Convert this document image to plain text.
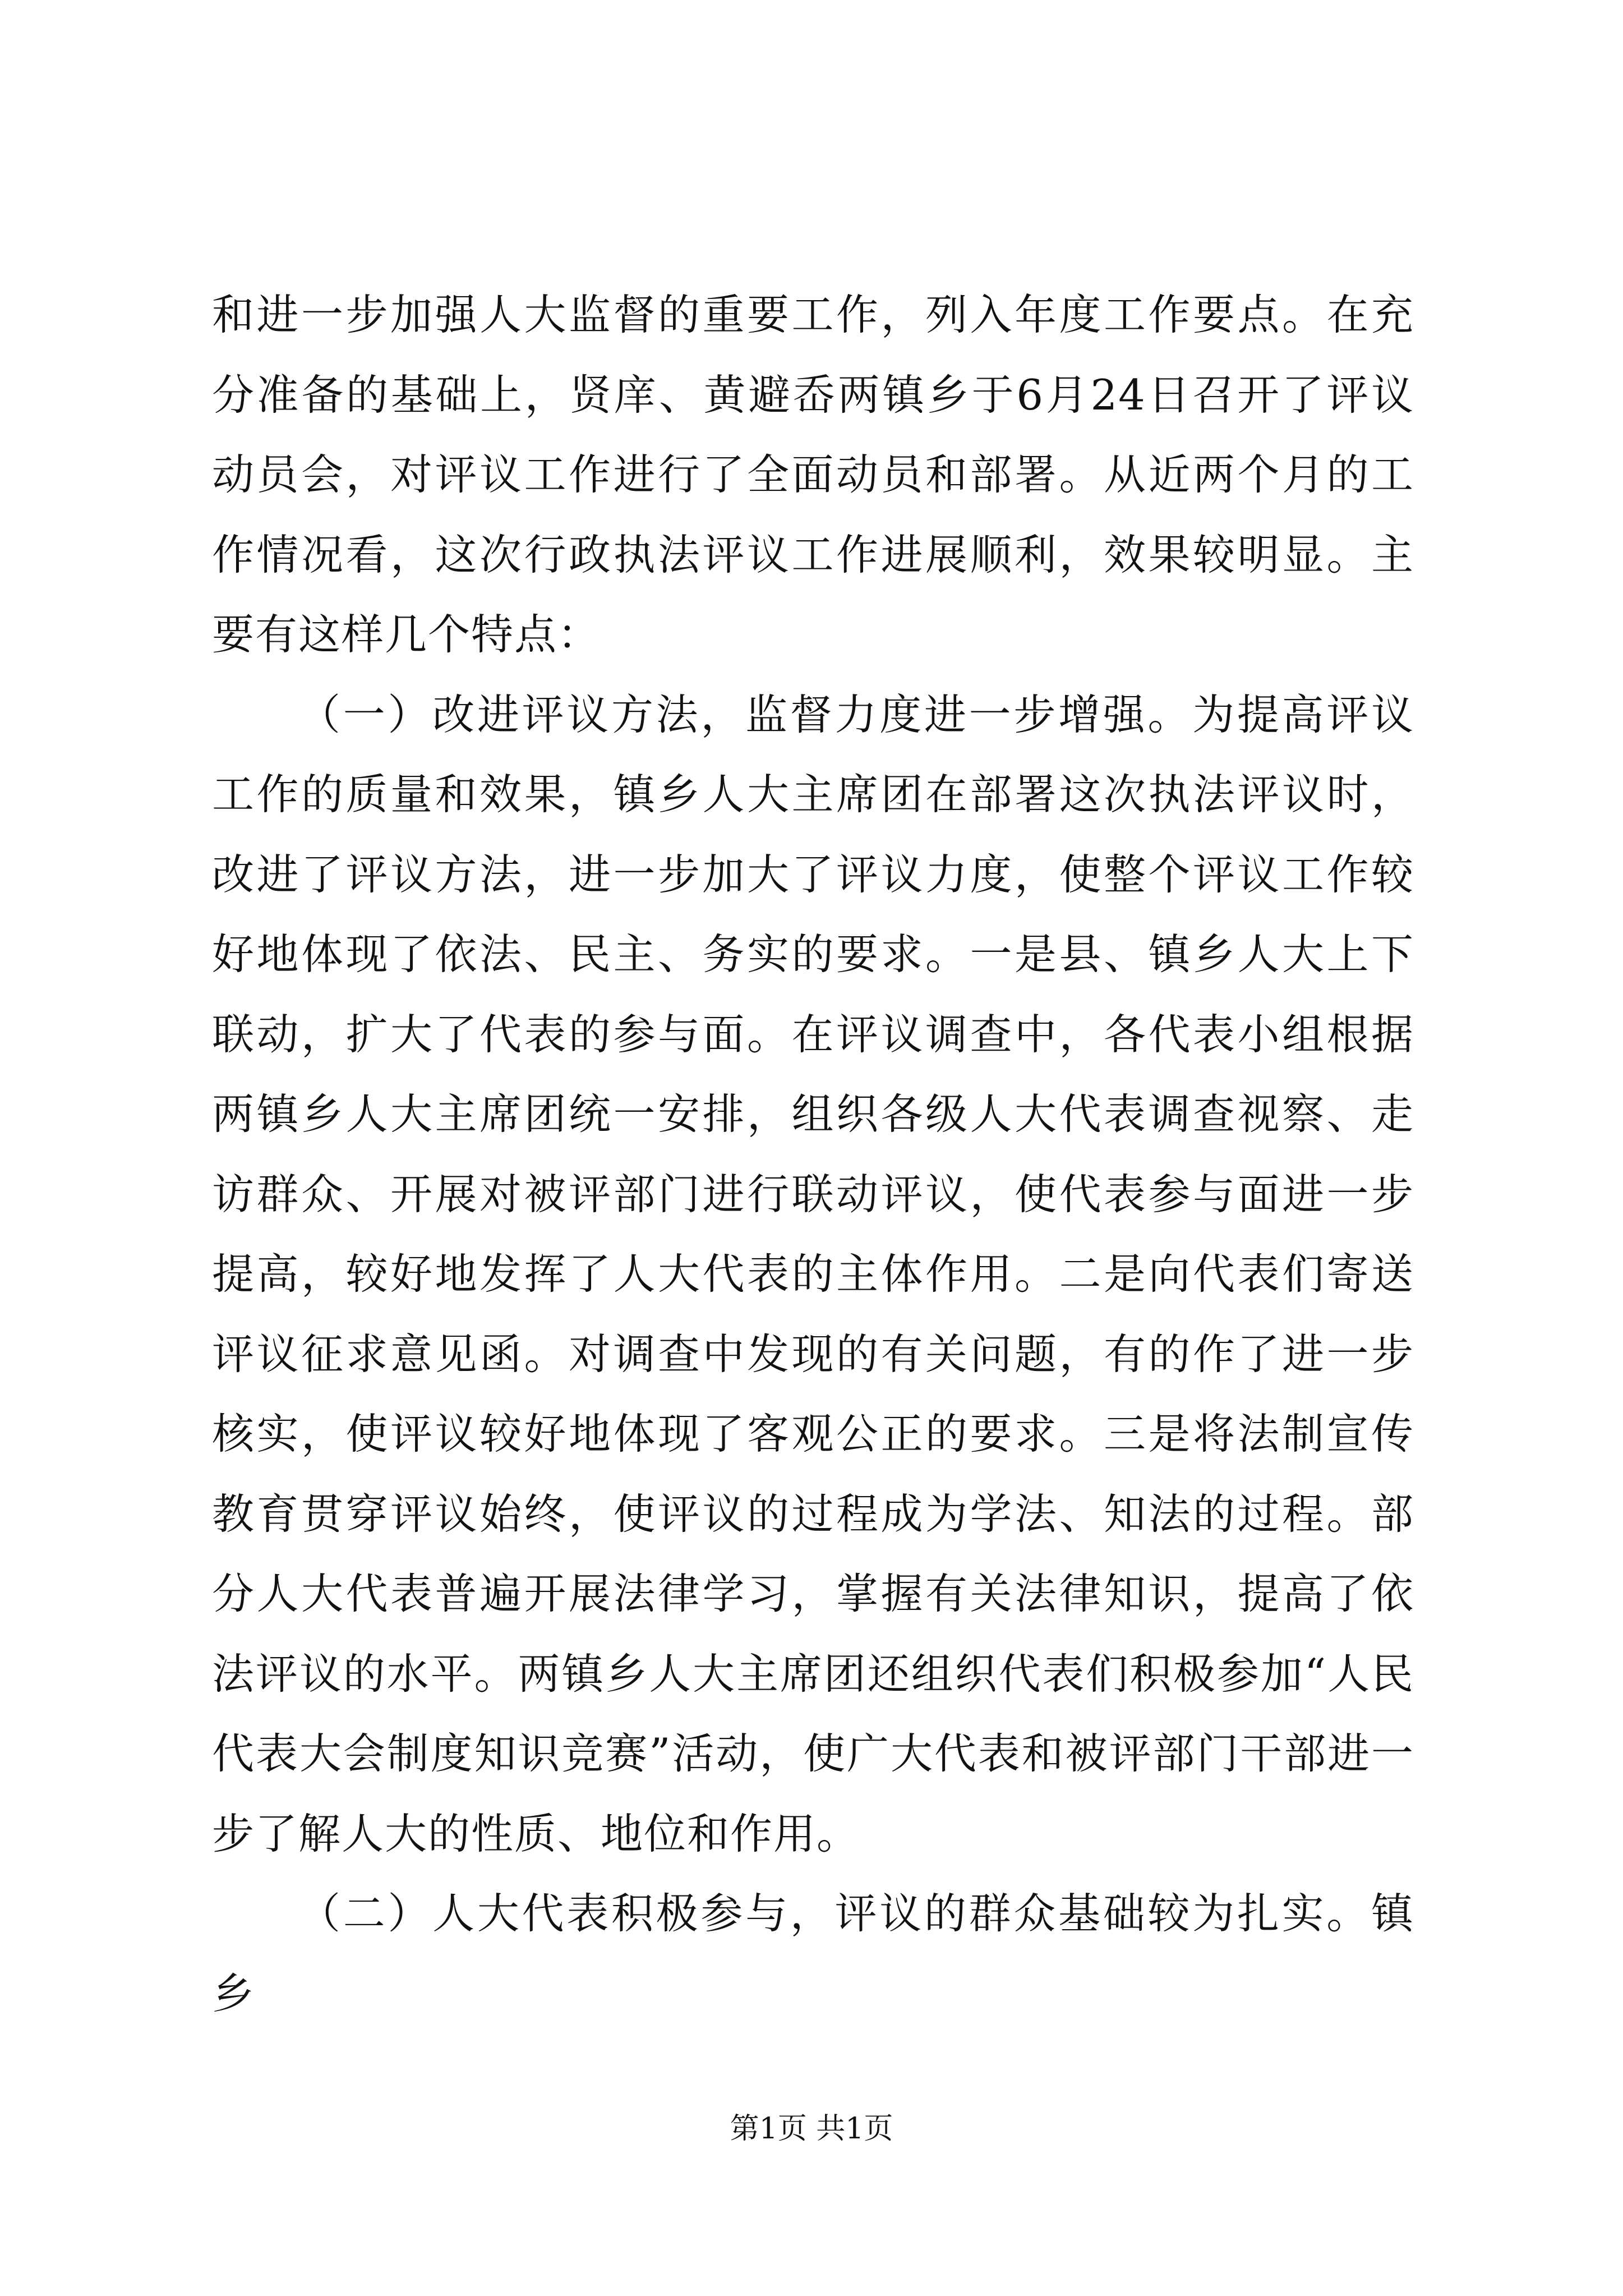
和进一步加强人大监督的重要工作，列入年度工作要点。在充分准备的基础上，贤庠、黄避岙两镇乡于6月24日召开了评议动员会，对评议工作进行了全面动员和部署。从近两个月的工作情况看，这次行政执法评议工作进展顺利，效果较明显。主要有这样几个特点：

（一）改进评议方法，监督力度进一步增强。为提高评议工作的质量和效果，镇乡人大主席团在部署这次执法评议时，改进了评议方法，进一步加大了评议力度，使整个评议工作较好地体现了依法、民主、务实的要求。一是县、镇乡人大上下联动，扩大了代表的参与面。在评议调查中，各代表小组根据两镇乡人大主席团统一安排，组织各级人大代表调查视察、走访群众、开展对被评部门进行联动评议，使代表参与面进一步提高，较好地发挥了人大代表的主体作用。二是向代表们寄送评议征求意见函。对调查中发现的有关问题，有的作了进一步核实，使评议较好地体现了客观公正的要求。三是将法制宣传教育贯穿评议始终，使评议的过程成为学法、知法的过程。部分人大代表普遍开展法律学习，掌握有关法律知识，提高了依法评议的水平。两镇乡人大主席团还组织代表们积极参加“人民代表大会制度知识竞赛”活动，使广大代表和被评部门干部进一步了解人大的性质、地位和作用。

（二）人大代表积极参与，评议的群众基础较为扎实。镇乡

第1页 共1页
